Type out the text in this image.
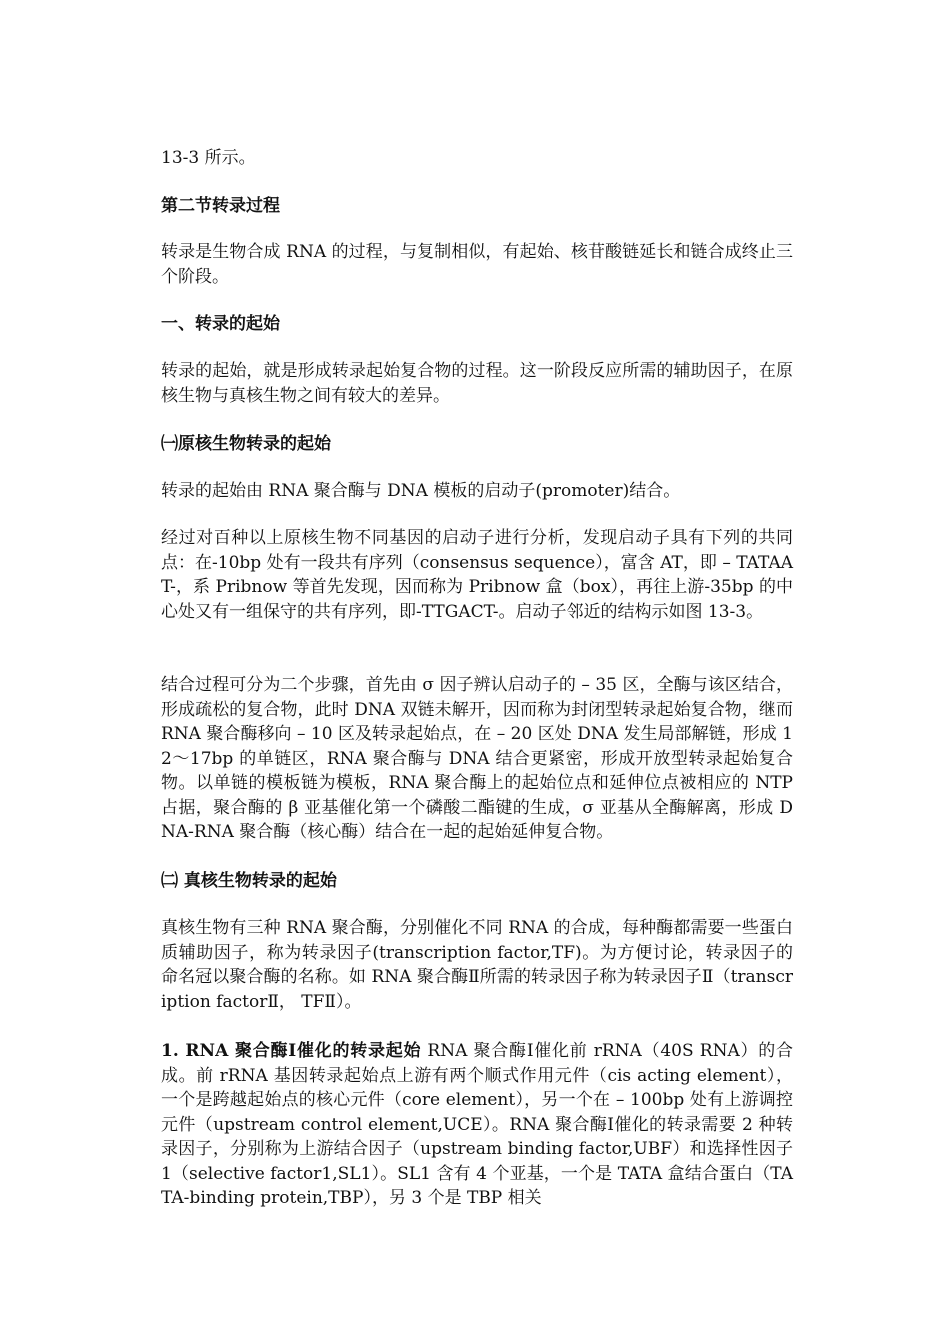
13-3 所示。

第二节转录过程

转录是生物合成 RNA 的过程，与复制相似，有起始、核苷酸链延长和链合成终止三个阶段。

一、转录的起始

转录的起始，就是形成转录起始复合物的过程。这一阶段反应所需的辅助因子，在原核生物与真核生物之间有较大的差异。

㈠原核生物转录的起始

转录的起始由 RNA 聚合酶与 DNA 模板的启动子(promoter)结合。

经过对百种以上原核生物不同基因的启动子进行分析，发现启动子具有下列的共同点：在-10bp 处有一段共有序列（consensus sequence），富含 AT，即 – TATAAT-，系 Pribnow 等首先发现，因而称为 Pribnow 盒（box），再往上游-35bp 的中心处又有一组保守的共有序列，即-TTGACT-。启动子邻近的结构示如图 13-3。

结合过程可分为二个步骤，首先由 σ 因子辨认启动子的 – 35 区，全酶与该区结合，形成疏松的复合物，此时 DNA 双链未解开，因而称为封闭型转录起始复合物，继而 RNA 聚合酶移向 – 10 区及转录起始点，在 – 20 区处 DNA 发生局部解链，形成 12～17bp 的单链区，RNA 聚合酶与 DNA 结合更紧密，形成开放型转录起始复合物。以单链的模板链为模板，RNA 聚合酶上的起始位点和延伸位点被相应的 NTP 占据，聚合酶的 β 亚基催化第一个磷酸二酯键的生成，σ 亚基从全酶解离，形成 DNA-RNA 聚合酶（核心酶）结合在一起的起始延伸复合物。

㈡ 真核生物转录的起始

真核生物有三种 RNA 聚合酶，分别催化不同 RNA 的合成，每种酶都需要一些蛋白质辅助因子，称为转录因子(transcription factor,TF)。为方便讨论，转录因子的命名冠以聚合酶的名称。如 RNA 聚合酶Ⅱ所需的转录因子称为转录因子Ⅱ（transcription factorⅡ， TFⅡ）。

1. RNA 聚合酶Ⅰ催化的转录起始 RNA 聚合酶Ⅰ催化前 rRNA（40S RNA）的合成。前 rRNA 基因转录起始点上游有两个顺式作用元件（cis acting element），一个是跨越起始点的核心元件（core element），另一个在 – 100bp 处有上游调控元件（upstream control element,UCE）。RNA 聚合酶Ⅰ催化的转录需要 2 种转录因子，分别称为上游结合因子（upstream binding factor,UBF）和选择性因子 1（selective factor1,SL1）。SL1 含有 4 个亚基，一个是 TATA 盒结合蛋白（TATA-binding protein,TBP），另 3 个是 TBP 相关
